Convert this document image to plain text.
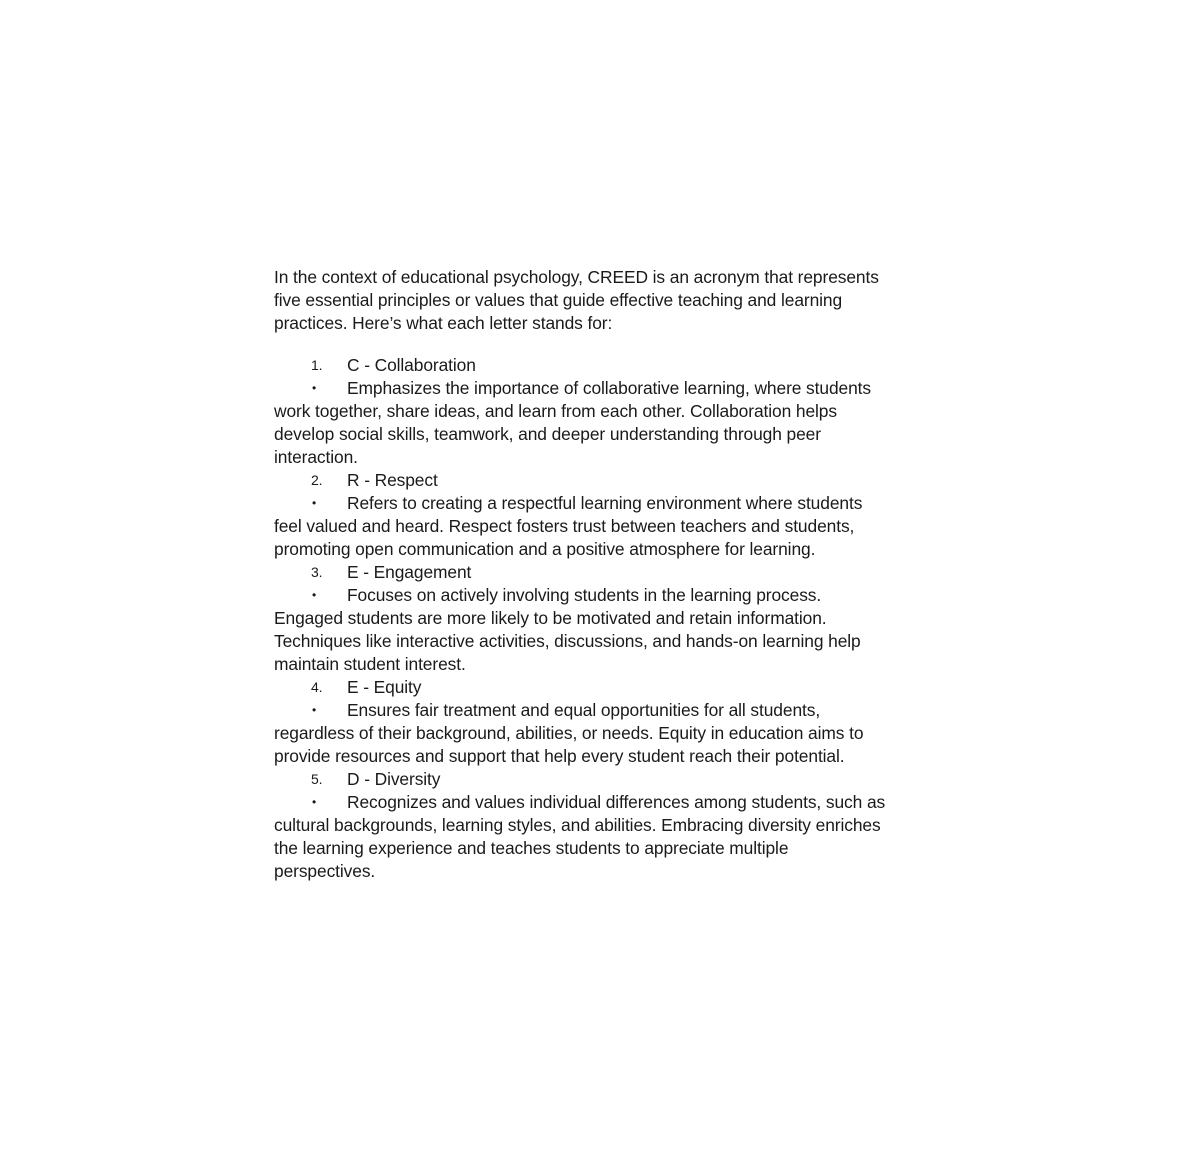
In the context of educational psychology, CREED is an acronym that represents
five essential principles or values that guide effective teaching and learning
practices. Here’s what each letter stands for:
1. C - Collaboration
• Emphasizes the importance of collaborative learning, where students
work together, share ideas, and learn from each other. Collaboration helps
develop social skills, teamwork, and deeper understanding through peer
interaction.
2. R - Respect
• Refers to creating a respectful learning environment where students
feel valued and heard. Respect fosters trust between teachers and students,
promoting open communication and a positive atmosphere for learning.
3. E - Engagement
• Focuses on actively involving students in the learning process.
Engaged students are more likely to be motivated and retain information.
Techniques like interactive activities, discussions, and hands-on learning help
maintain student interest.
4. E - Equity
• Ensures fair treatment and equal opportunities for all students,
regardless of their background, abilities, or needs. Equity in education aims to
provide resources and support that help every student reach their potential.
5. D - Diversity
• Recognizes and values individual differences among students, such as
cultural backgrounds, learning styles, and abilities. Embracing diversity enriches
the learning experience and teaches students to appreciate multiple
perspectives.
